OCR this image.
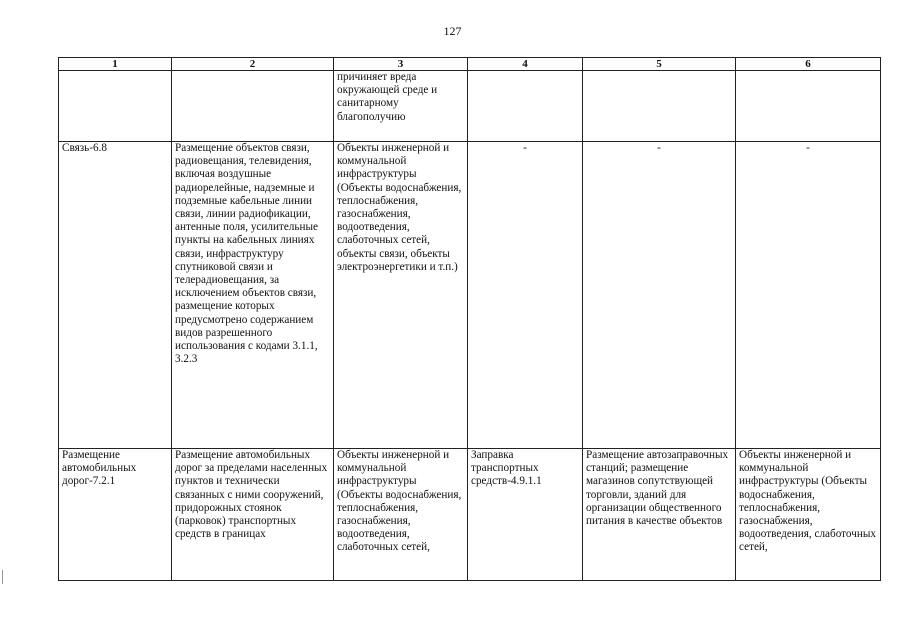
127
1	2	3	4	5	6
		причиняет вреда окружающей среде и санитарному благополучию			
Связь-6.8	Размещение объектов связи, радиовещания, телевидения, включая воздушные радиорелейные, надземные и подземные кабельные линии связи, линии радиофикации, антенные поля, усилительные пункты на кабельных линиях связи, инфраструктуру спутниковой связи и телерадиовещания, за исключением объектов связи, размещение которых предусмотрено содержанием видов разрешенного использования с кодами 3.1.1, 3.2.3	Объекты инженерной и коммунальной инфраструктуры (Объекты водоснабжения, теплоснабжения, газоснабжения, водоотведения, слаботочных сетей, объекты связи, объекты электроэнергетики и т.п.)	-	-	-
Размещение автомобильных дорог-7.2.1	Размещение автомобильных дорог за пределами населенных пунктов и технически связанных с ними сооружений, придорожных стоянок (парковок) транспортных средств в границах	Объекты инженерной и коммунальной инфраструктуры (Объекты водоснабжения, теплоснабжения, газоснабжения, водоотведения, слаботочных сетей,	Заправка транспортных средств-4.9.1.1	Размещение автозаправочных станций; размещение магазинов сопутствующей торговли, зданий для организации общественного питания в качестве объектов	Объекты инженерной и коммунальной инфраструктуры (Объекты водоснабжения, теплоснабжения, газоснабжения, водоотведения, слаботочных сетей,
